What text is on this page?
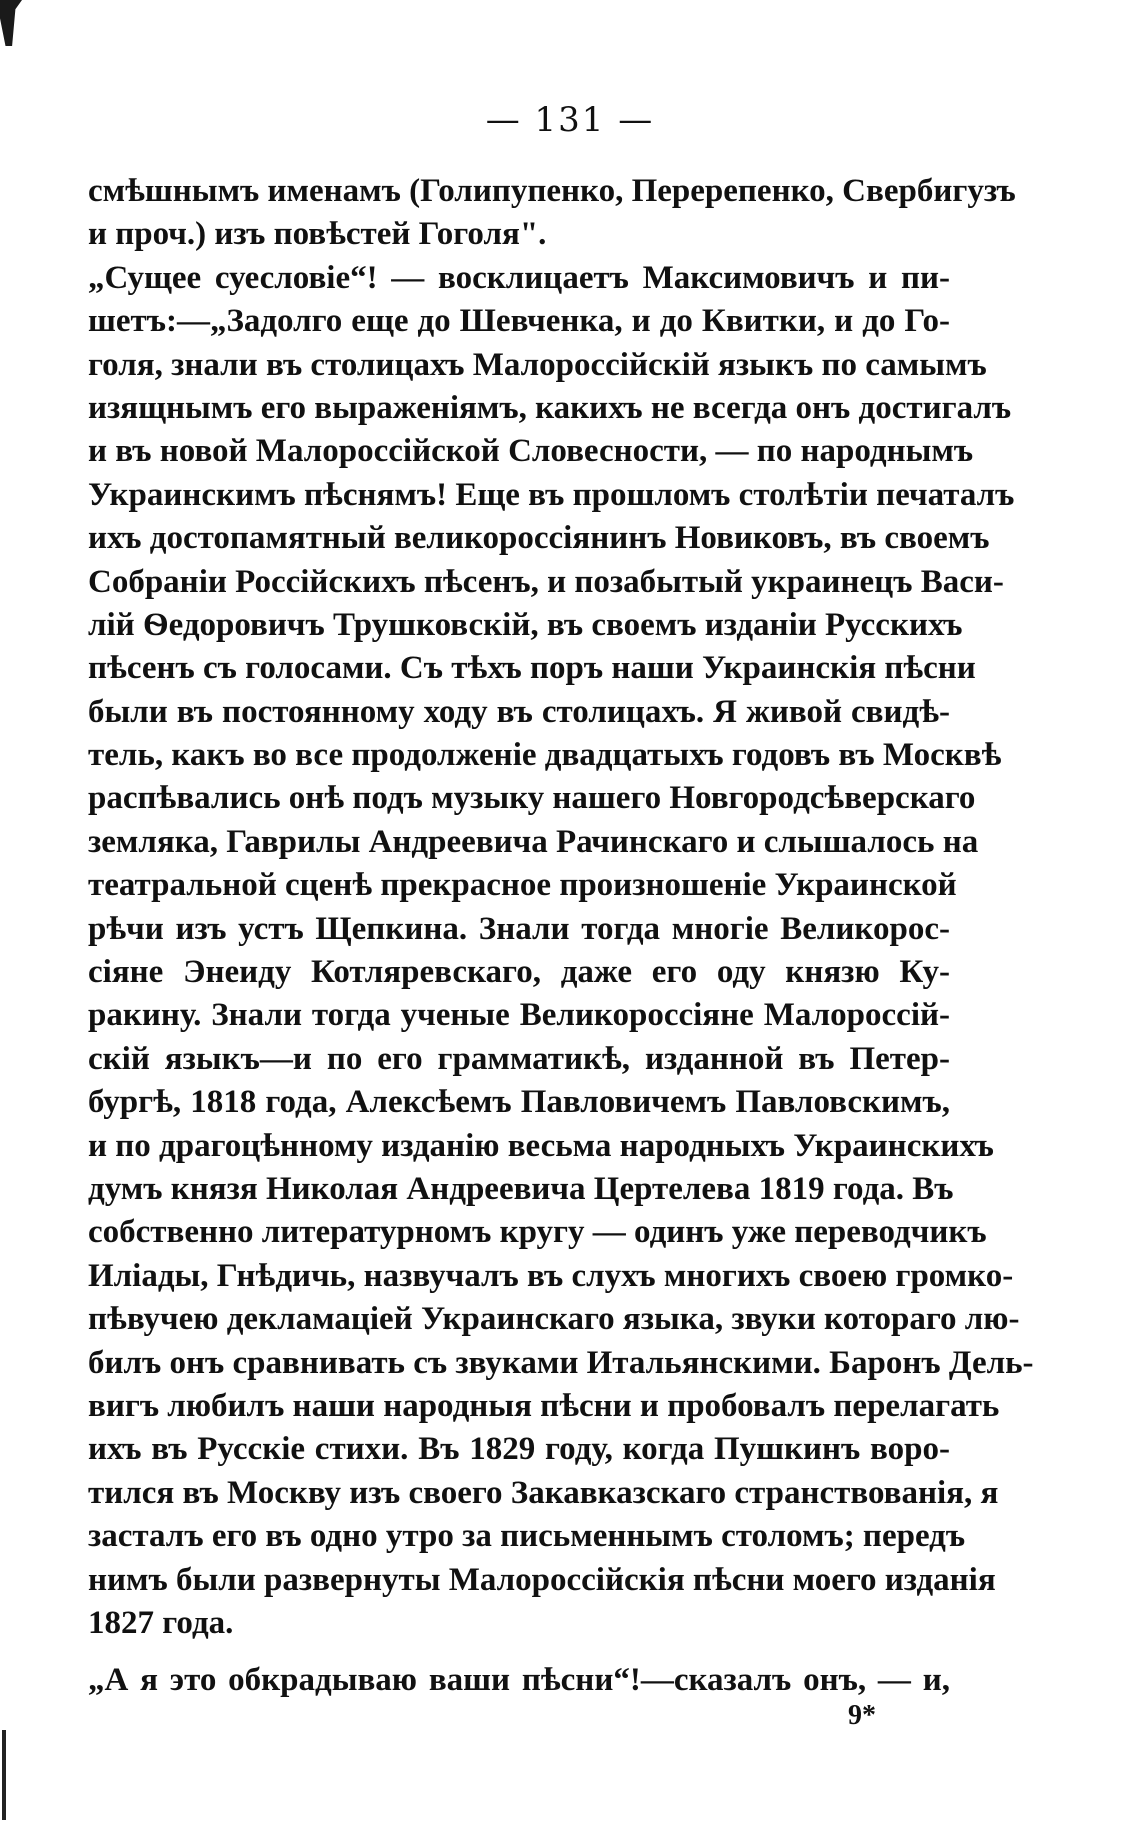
— 131 —
смѣшнымъ именамъ (Голипупенко, Перерепенко, Свербигузъ
и проч.) изъ повѣстей Гоголя".
„Сущее суесловіе“! — восклицаетъ Максимовичъ и пи-
шетъ:—„Задолго еще до Шевченка, и до Квитки, и до Го-
голя, знали въ столицахъ Малороссійскій языкъ по самымъ
изящнымъ его выраженіямъ, какихъ не всегда онъ достигалъ
и въ новой Малороссійской Словесности, — по народнымъ
Украинскимъ пѣснямъ! Еще въ прошломъ столѣтіи печаталъ
ихъ достопамятный великороссіянинъ Новиковъ, въ своемъ
Собраніи Россійскихъ пѣсенъ, и позабытый украинецъ Васи-
лій Ѳедоровичъ Трушковскій, въ своемъ изданіи Русскихъ
пѣсенъ съ голосами. Съ тѣхъ поръ наши Украинскія пѣсни
были въ постоянному ходу въ столицахъ. Я живой свидѣ-
тель, какъ во все продолженіе двадцатыхъ годовъ въ Москвѣ
распѣвались онѣ подъ музыку нашего Новгородсѣверскаго
земляка, Гаврилы Андреевича Рачинскаго и слышалось на
театральной сценѣ прекрасное произношеніе Украинской
рѣчи изъ устъ Щепкина. Знали тогда многіе Великорос-
сіяне Энеиду Котляревскаго, даже его оду князю Ку-
ракину. Знали тогда ученые Великороссіяне Малороссій-
скій языкъ—и по его грамматикѣ, изданной въ Петер-
бургѣ, 1818 года, Алексѣемъ Павловичемъ Павловскимъ,
и по драгоцѣнному изданію весьма народныхъ Украинскихъ
думъ князя Николая Андреевича Цертелева 1819 года. Въ
собственно литературномъ кругу — одинъ уже переводчикъ
Иліады, Гнѣдичь, назвучалъ въ слухъ многихъ своею громко-
пѣвучею декламаціей Украинскаго языка, звуки котораго лю-
билъ онъ сравнивать съ звуками Итальянскими. Баронъ Дель-
вигъ любилъ наши народныя пѣсни и пробовалъ перелагать
ихъ въ Русскіе стихи. Въ 1829 году, когда Пушкинъ воро-
тился въ Москву изъ своего Закавказскаго странствованія, я
засталъ его въ одно утро за письменнымъ столомъ; передъ
нимъ были развернуты Малороссійскія пѣсни моего изданія
1827 года.
„А я это обкрадываю ваши пѣсни“!—сказалъ онъ, — и,
9*
